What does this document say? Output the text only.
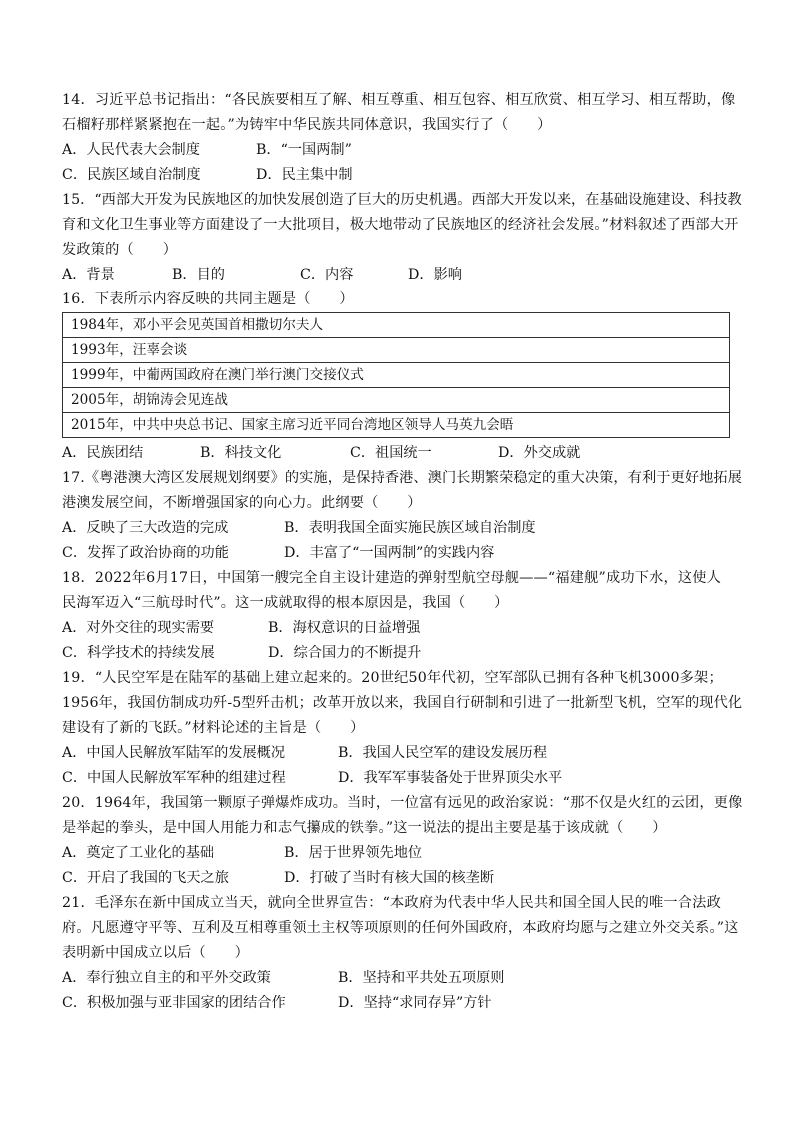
14．习近平总书记指出：“各民族要相互了解、相互尊重、相互包容、相互欣赏、相互学习、相互帮助，像
石榴籽那样紧紧抱在一起。”为铸牢中华民族共同体意识，我国实行了（　　）
A．人民代表大会制度	B．“一国两制”
C．民族区域自治制度	D．民主集中制
15．“西部大开发为民族地区的加快发展创造了巨大的历史机遇。西部大开发以来，在基础设施建设、科技教
育和文化卫生事业等方面建设了一大批项目，极大地带动了民族地区的经济社会发展。”材料叙述了西部大开
发政策的（　　）
A．背景	B．目的	C．内容	D．影响
16．下表所示内容反映的共同主题是（　　）
1984年，邓小平会见英国首相撒切尔夫人
1993年，汪辜会谈
1999年，中葡两国政府在澳门举行澳门交接仪式
2005年，胡锦涛会见连战
2015年，中共中央总书记、国家主席习近平同台湾地区领导人马英九会晤
A．民族团结	B．科技文化	C．祖国统一	D．外交成就
17.《粤港澳大湾区发展规划纲要》的实施，是保持香港、澳门长期繁荣稳定的重大决策，有利于更好地拓展
港澳发展空间，不断增强国家的向心力。此纲要（　　）
A．反映了三大改造的完成	B．表明我国全面实施民族区域自治制度
C．发挥了政治协商的功能	D．丰富了“一国两制”的实践内容
18．2022年6月17日，中国第一艘完全自主设计建造的弹射型航空母舰——“福建舰”成功下水，这使人
民海军迈入“三航母时代”。这一成就取得的根本原因是，我国（　　）
A．对外交往的现实需要	B．海权意识的日益增强
C．科学技术的持续发展	D．综合国力的不断提升
19．“人民空军是在陆军的基础上建立起来的。20世纪50年代初，空军部队已拥有各种飞机3000多架；
1956年，我国仿制成功歼-5型歼击机；改革开放以来，我国自行研制和引进了一批新型飞机，空军的现代化
建设有了新的飞跃。”材料论述的主旨是（　　）
A．中国人民解放军陆军的发展概况	B．我国人民空军的建设发展历程
C．中国人民解放军军种的组建过程	D．我军军事装备处于世界顶尖水平
20．1964年，我国第一颗原子弹爆炸成功。当时，一位富有远见的政治家说：“那不仅是火红的云团，更像
是举起的拳头，是中国人用能力和志气攥成的铁拳。”这一说法的提出主要是基于该成就（　　）
A．奠定了工业化的基础	B．居于世界领先地位
C．开启了我国的飞天之旅	D．打破了当时有核大国的核垄断
21．毛泽东在新中国成立当天，就向全世界宣告：“本政府为代表中华人民共和国全国人民的唯一合法政
府。凡愿遵守平等、互利及互相尊重领土主权等项原则的任何外国政府，本政府均愿与之建立外交关系。”这
表明新中国成立以后（　　）
A．奉行独立自主的和平外交政策	B．坚持和平共处五项原则
C．积极加强与亚非国家的团结合作	D．坚持“求同存异”方针
